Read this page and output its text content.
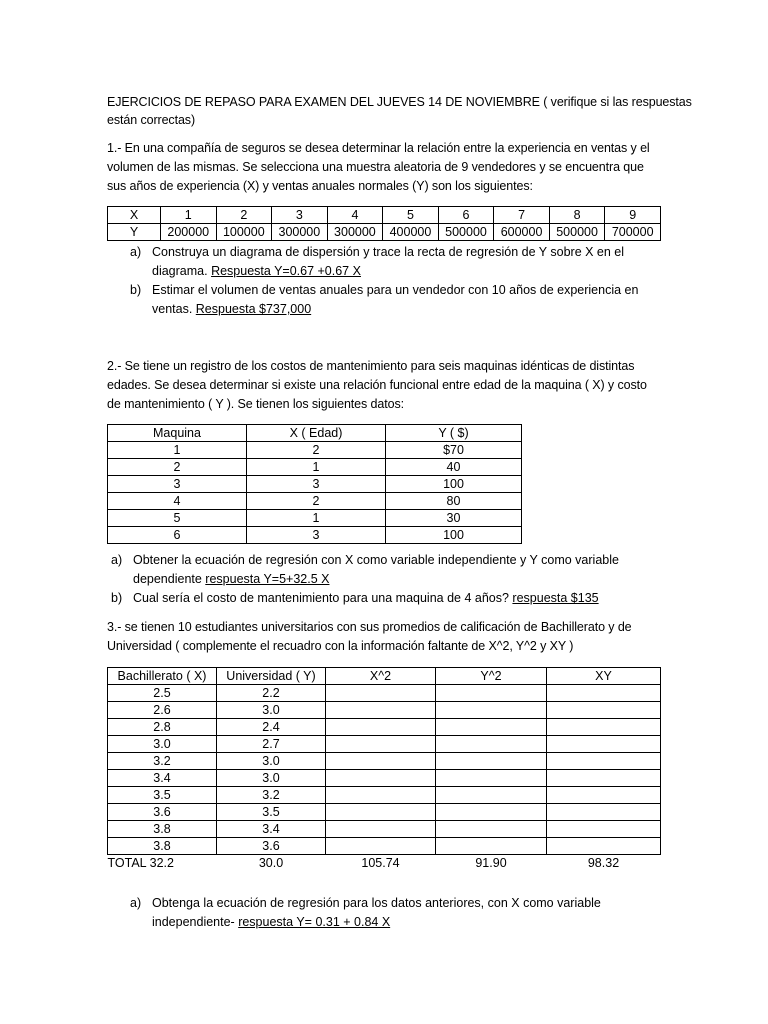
EJERCICIOS DE REPASO PARA EXAMEN DEL JUEVES 14 DE NOVIEMBRE ( verifique si las respuestas
están correctas)
1.- En una compañía de seguros se desea determinar la relación entre la experiencia en ventas y el
volumen de las mismas. Se selecciona una muestra aleatoria de 9 vendedores y se encuentra que
sus años de experiencia (X) y ventas anuales normales (Y) son los siguientes:
X	1	2	3	4	5	6	7	8	9
Y	200000	100000	300000	300000	400000	500000	600000	500000	700000
a) Construya un diagrama de dispersión y trace la recta de regresión de Y sobre X en el
diagrama. Respuesta Y=0.67 +0.67 X
b) Estimar el volumen de ventas anuales para un vendedor con 10 años de experiencia en
ventas. Respuesta $737,000
2.- Se tiene un registro de los costos de mantenimiento para seis maquinas idénticas de distintas
edades. Se desea determinar si existe una relación funcional entre edad de la maquina ( X) y costo
de mantenimiento ( Y ). Se tienen los siguientes datos:
Maquina	X ( Edad)	Y ( $)
1	2	$70
2	1	40
3	3	100
4	2	80
5	1	30
6	3	100
a) Obtener la ecuación de regresión con X como variable independiente y Y como variable
dependiente respuesta Y=5+32.5 X
b) Cual sería el costo de mantenimiento para una maquina de 4 años? respuesta $135
3.- se tienen 10 estudiantes universitarios con sus promedios de calificación de Bachillerato y de
Universidad ( complemente el recuadro con la información faltante de X^2, Y^2 y XY )
Bachillerato ( X)	Universidad ( Y)	X^2	Y^2	XY
2.5	2.2			
2.6	3.0			
2.8	2.4			
3.0	2.7			
3.2	3.0			
3.4	3.0			
3.5	3.2			
3.6	3.5			
3.8	3.4			
3.8	3.6			
TOTAL 32.2	30.0	105.74	91.90	98.32
a) Obtenga la ecuación de regresión para los datos anteriores, con X como variable
independiente- respuesta Y= 0.31 + 0.84 X
